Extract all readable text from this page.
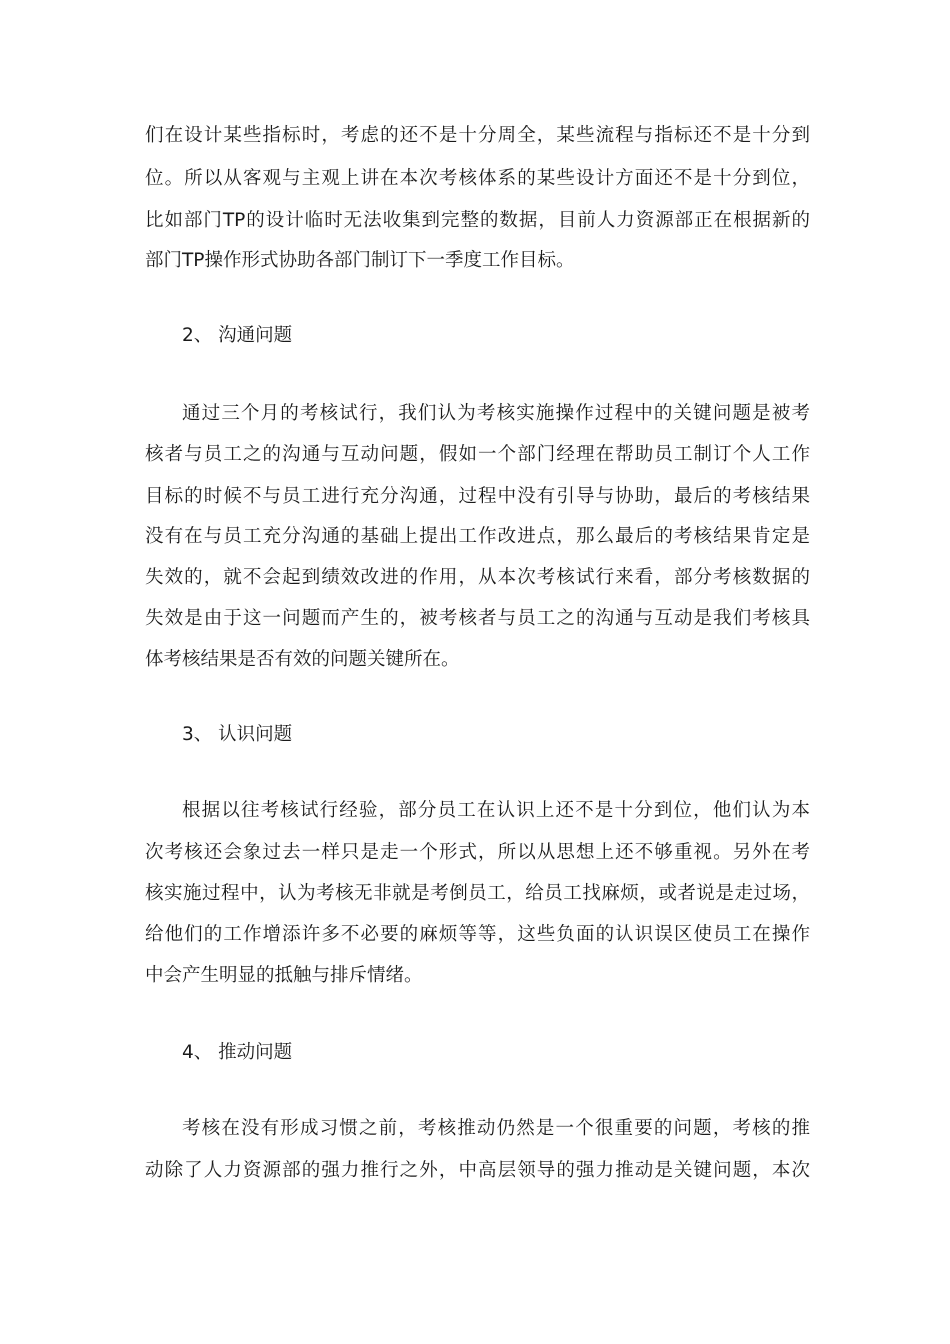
们在设计某些指标时，考虑的还不是十分周全，某些流程与指标还不是十分到
位。所以从客观与主观上讲在本次考核体系的某些设计方面还不是十分到位，
比如部门TP的设计临时无法收集到完整的数据，目前人力资源部正在根据新的
部门TP操作形式协助各部门制订下一季度工作目标。
2、 沟通问题
通过三个月的考核试行，我们认为考核实施操作过程中的关键问题是被考
核者与员工之的沟通与互动问题，假如一个部门经理在帮助员工制订个人工作
目标的时候不与员工进行充分沟通，过程中没有引导与协助，最后的考核结果
没有在与员工充分沟通的基础上提出工作改进点，那么最后的考核结果肯定是
失效的，就不会起到绩效改进的作用，从本次考核试行来看，部分考核数据的
失效是由于这一问题而产生的，被考核者与员工之的沟通与互动是我们考核具
体考核结果是否有效的问题关键所在。
3、 认识问题
根据以往考核试行经验，部分员工在认识上还不是十分到位，他们认为本
次考核还会象过去一样只是走一个形式，所以从思想上还不够重视。另外在考
核实施过程中，认为考核无非就是考倒员工，给员工找麻烦，或者说是走过场，
给他们的工作增添许多不必要的麻烦等等，这些负面的认识误区使员工在操作
中会产生明显的抵触与排斥情绪。
4、 推动问题
考核在没有形成习惯之前，考核推动仍然是一个很重要的问题，考核的推
动除了人力资源部的强力推行之外，中高层领导的强力推动是关键问题，本次
